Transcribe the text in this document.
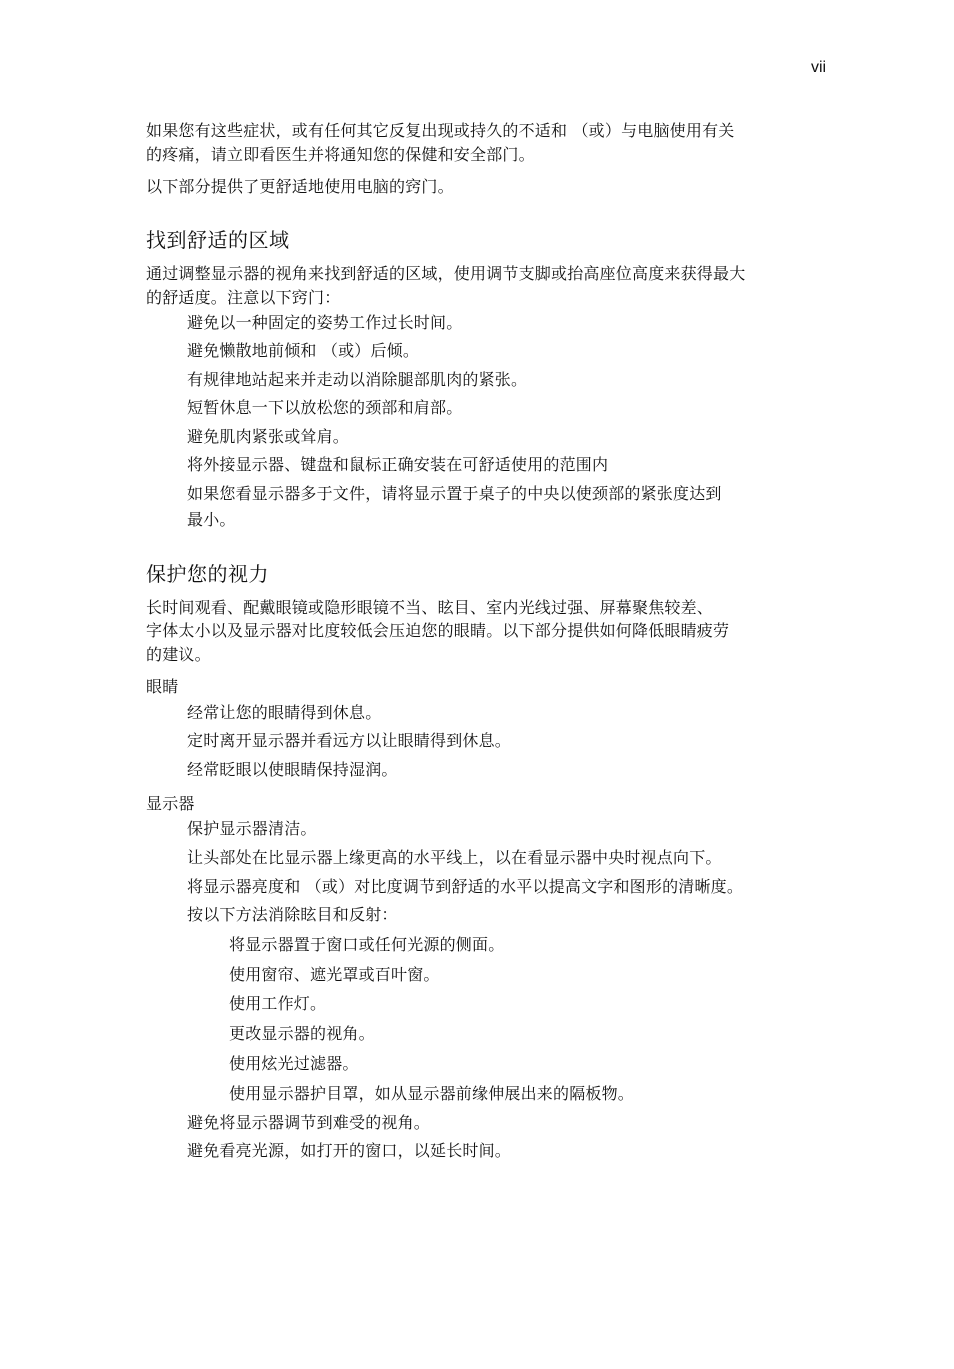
vii
如果您有这些症状，或有任何其它反复出现或持久的不适和 （或）与电脑使用有关
的疼痛，请立即看医生并将通知您的保健和安全部门。
以下部分提供了更舒适地使用电脑的窍门。
找到舒适的区域
通过调整显示器的视角来找到舒适的区域，使用调节支脚或抬高座位高度来获得最大
的舒适度。注意以下窍门：
避免以一种固定的姿势工作过长时间。
避免懒散地前倾和 （或）后倾。
有规律地站起来并走动以消除腿部肌肉的紧张。
短暂休息一下以放松您的颈部和肩部。
避免肌肉紧张或耸肩。
将外接显示器、键盘和鼠标正确安装在可舒适使用的范围内
如果您看显示器多于文件，请将显示置于桌子的中央以使颈部的紧张度达到
最小。
保护您的视力
长时间观看、配戴眼镜或隐形眼镜不当、眩目、室内光线过强、屏幕聚焦较差、
字体太小以及显示器对比度较低会压迫您的眼睛。以下部分提供如何降低眼睛疲劳
的建议。
眼睛
经常让您的眼睛得到休息。
定时离开显示器并看远方以让眼睛得到休息。
经常眨眼以使眼睛保持湿润。
显示器
保护显示器清洁。
让头部处在比显示器上缘更高的水平线上，以在看显示器中央时视点向下。
将显示器亮度和 （或）对比度调节到舒适的水平以提高文字和图形的清晰度。
按以下方法消除眩目和反射：
将显示器置于窗口或任何光源的侧面。
使用窗帘、遮光罩或百叶窗。
使用工作灯。
更改显示器的视角。
使用炫光过滤器。
使用显示器护目罩，如从显示器前缘伸展出来的隔板物。
避免将显示器调节到难受的视角。
避免看亮光源，如打开的窗口，以延长时间。
